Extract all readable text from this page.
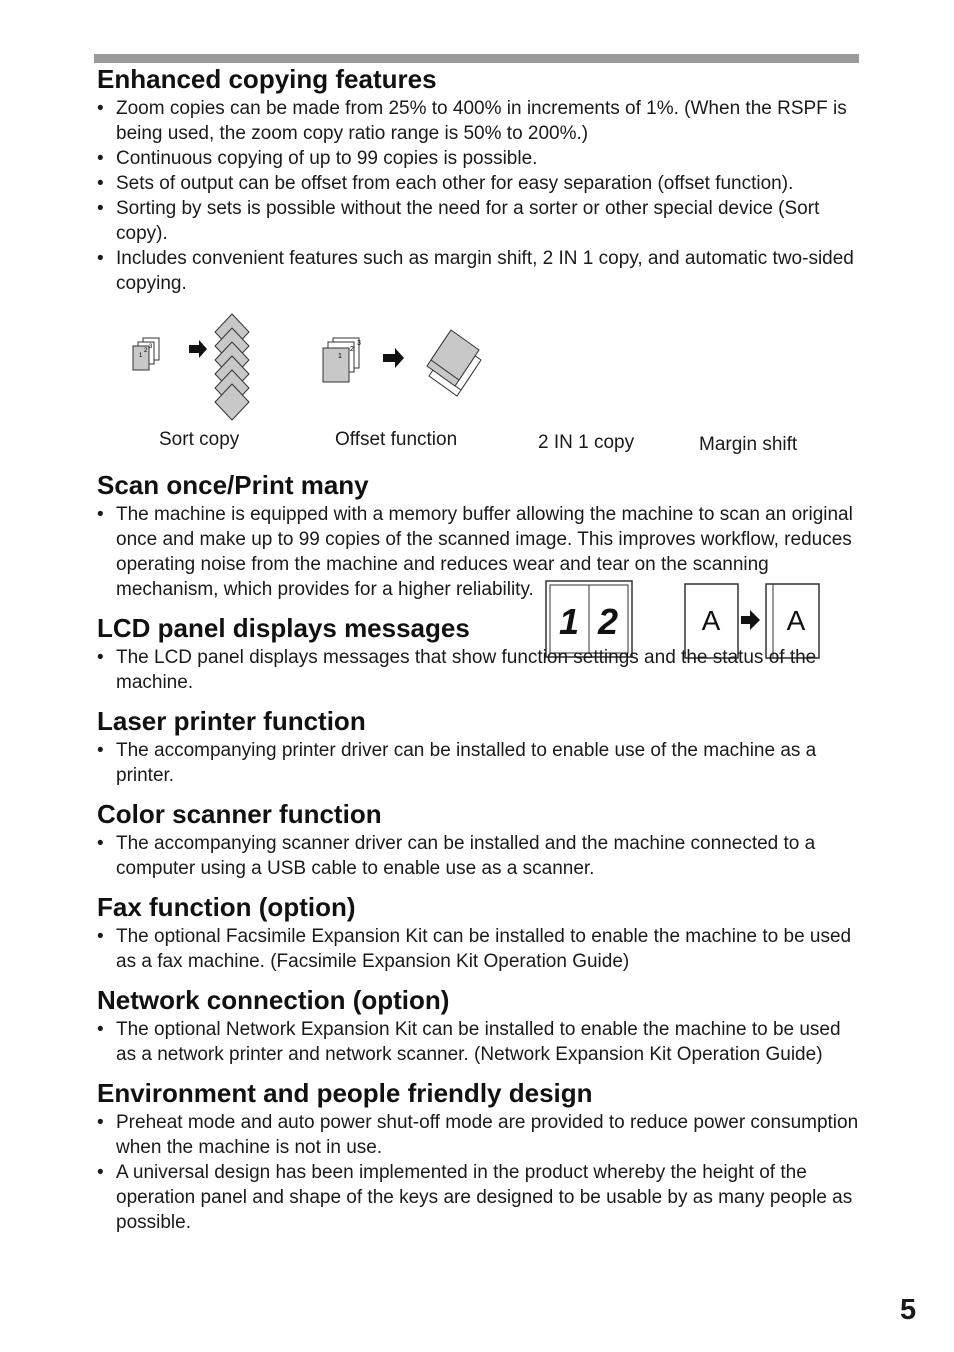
Enhanced copying features
• Zoom copies can be made from 25% to 400% in increments of 1%. (When the RSPF is being used, the zoom copy ratio range is 50% to 200%.)
• Continuous copying of up to 99 copies is possible.
• Sets of output can be offset from each other for easy separation (offset function).
• Sorting by sets is possible without the need for a sorter or other special device (Sort copy).
• Includes convenient features such as margin shift, 2 IN 1 copy, and automatic two-sided copying.
3
2
1
Sort copy
3
2
1
Offset function
1 2
2 IN 1 copy
A A
Margin shift
Scan once/Print many
• The machine is equipped with a memory buffer allowing the machine to scan an original once and make up to 99 copies of the scanned image. This improves workflow, reduces operating noise from the machine and reduces wear and tear on the scanning mechanism, which provides for a higher reliability.
LCD panel displays messages
• The LCD panel displays messages that show function settings and the status of the machine.
Laser printer function
• The accompanying printer driver can be installed to enable use of the machine as a printer.
Color scanner function
• The accompanying scanner driver can be installed and the machine connected to a computer using a USB cable to enable use as a scanner.
Fax function (option)
• The optional Facsimile Expansion Kit can be installed to enable the machine to be used as a fax machine. (Facsimile Expansion Kit Operation Guide)
Network connection (option)
• The optional Network Expansion Kit can be installed to enable the machine to be used as a network printer and network scanner. (Network Expansion Kit Operation Guide)
Environment and people friendly design
• Preheat mode and auto power shut-off mode are provided to reduce power consumption when the machine is not in use.
• A universal design has been implemented in the product whereby the height of the operation panel and shape of the keys are designed to be usable by as many people as possible.
5
